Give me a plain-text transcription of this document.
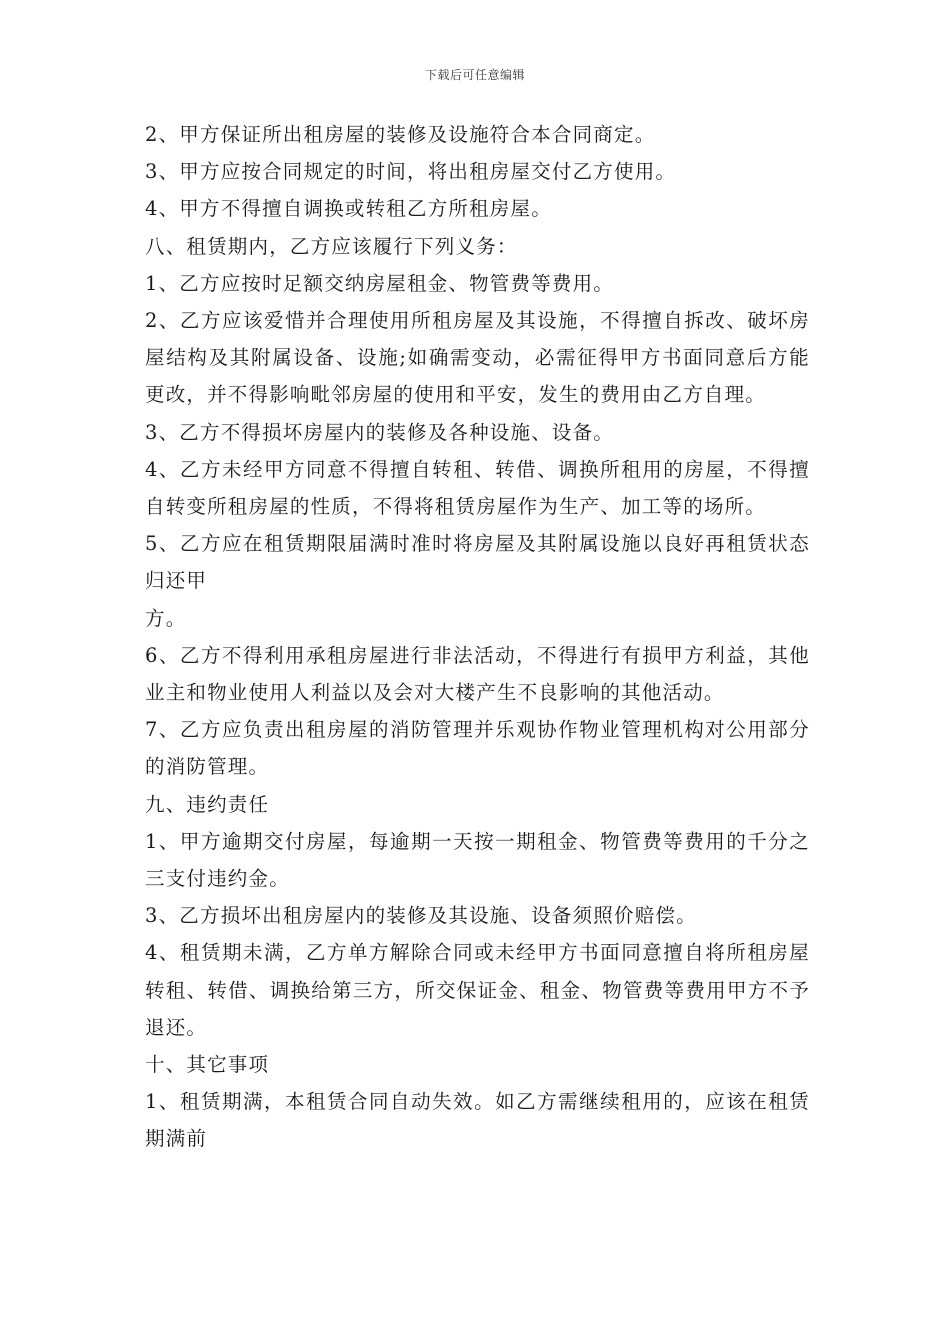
下载后可任意编辑

2、甲方保证所出租房屋的装修及设施符合本合同商定。

3、甲方应按合同规定的时间，将出租房屋交付乙方使用。

4、甲方不得擅自调换或转租乙方所租房屋。

八、租赁期内，乙方应该履行下列义务：

1、乙方应按时足额交纳房屋租金、物管费等费用。

2、乙方应该爱惜并合理使用所租房屋及其设施，不得擅自拆改、破坏房屋结构及其附属设备、设施;如确需变动，必需征得甲方书面同意后方能更改，并不得影响毗邻房屋的使用和平安，发生的费用由乙方自理。

3、乙方不得损坏房屋内的装修及各种设施、设备。

4、乙方未经甲方同意不得擅自转租、转借、调换所租用的房屋，不得擅自转变所租房屋的性质，不得将租赁房屋作为生产、加工等的场所。

5、乙方应在租赁期限届满时准时将房屋及其附属设施以良好再租赁状态归还甲

方。

6、乙方不得利用承租房屋进行非法活动，不得进行有损甲方利益，其他业主和物业使用人利益以及会对大楼产生不良影响的其他活动。

7、乙方应负责出租房屋的消防管理并乐观协作物业管理机构对公用部分的消防管理。

九、违约责任

1、甲方逾期交付房屋，每逾期一天按一期租金、物管费等费用的千分之三支付违约金。

3、乙方损坏出租房屋内的装修及其设施、设备须照价赔偿。

4、租赁期未满，乙方单方解除合同或未经甲方书面同意擅自将所租房屋转租、转借、调换给第三方，所交保证金、租金、物管费等费用甲方不予退还。

十、其它事项

1、租赁期满，本租赁合同自动失效。如乙方需继续租用的，应该在租赁期满前
